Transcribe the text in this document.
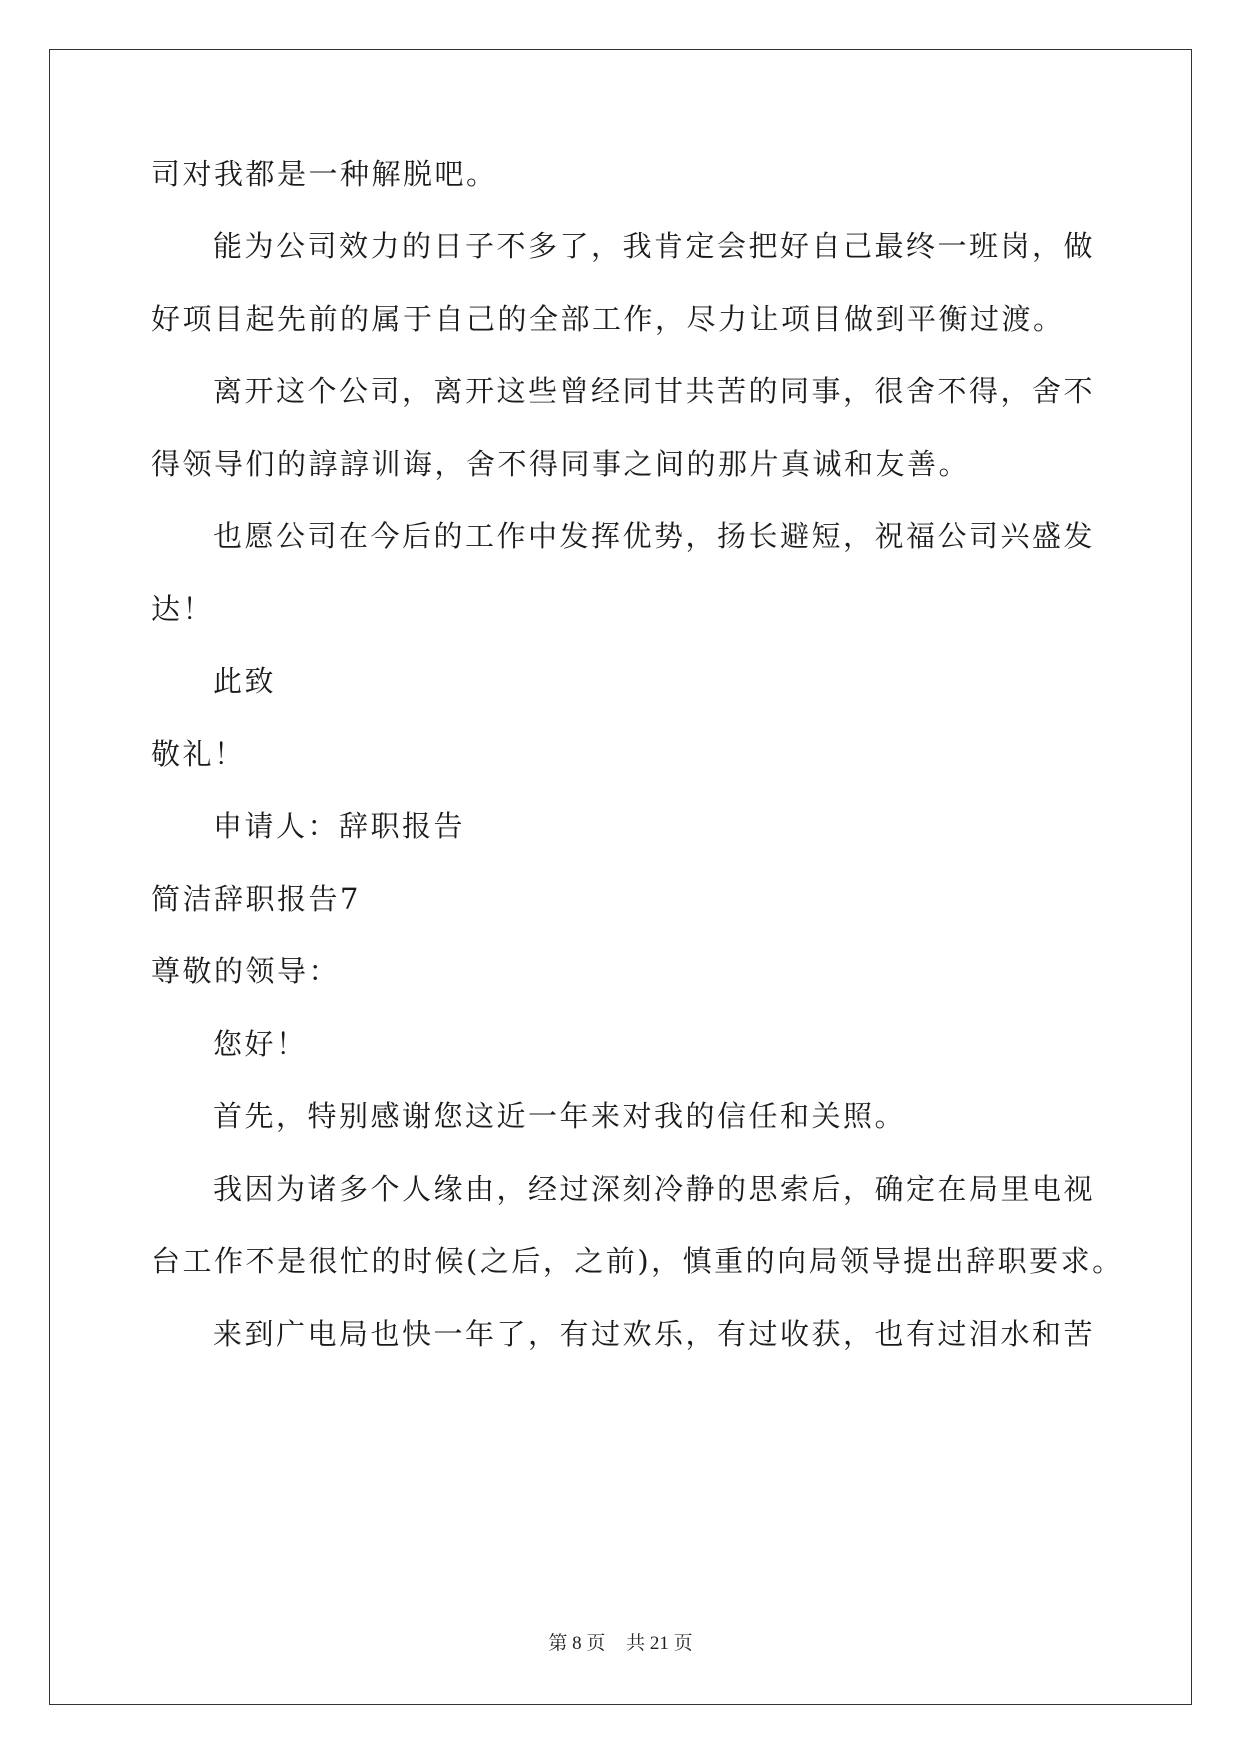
司对我都是一种解脱吧。
能为公司效力的日子不多了，我肯定会把好自己最终一班岗，做
好项目起先前的属于自己的全部工作，尽力让项目做到平衡过渡。
离开这个公司，离开这些曾经同甘共苦的同事，很舍不得，舍不
得领导们的諄諄训诲，舍不得同事之间的那片真诚和友善。
也愿公司在今后的工作中发挥优势，扬长避短，祝福公司兴盛发
达！
此致
敬礼！
申请人：辞职报告
简洁辞职报告7
尊敬的领导：
您好！
首先，特别感谢您这近一年来对我的信任和关照。
我因为诸多个人缘由，经过深刻冷静的思索后，确定在局里电视
台工作不是很忙的时候(之后，之前)，慎重的向局领导提出辞职要求。
来到广电局也快一年了，有过欢乐，有过收获，也有过泪水和苦
第 8 页 共 21 页
